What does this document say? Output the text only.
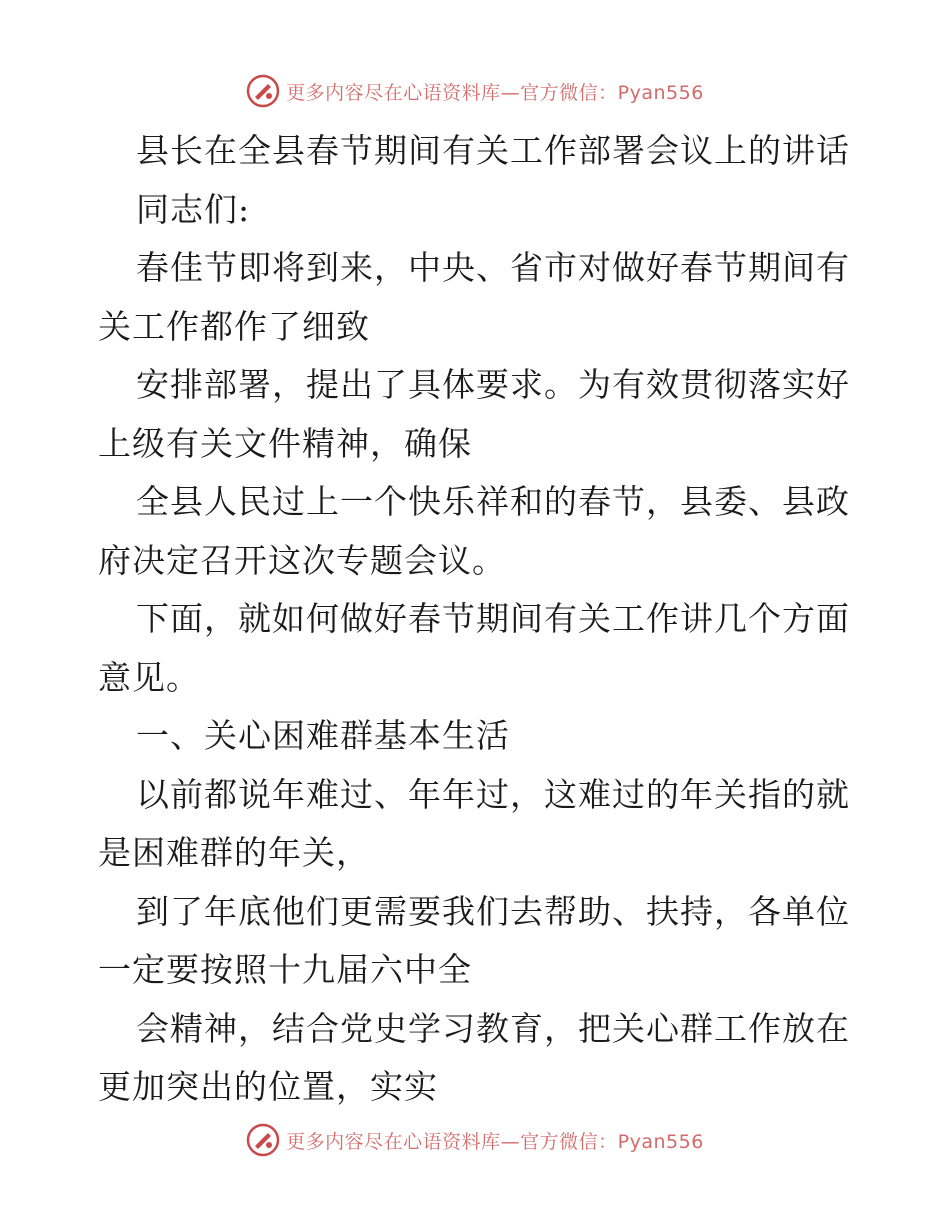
更多内容尽在心语资料库—官方微信：Pyan556
县长在全县春节期间有关工作部署会议上的讲话
同志们:
春佳节即将到来，中央、省市对做好春节期间有
关工作都作了细致
安排部署，提出了具体要求。为有效贯彻落实好
上级有关文件精神，确保
全县人民过上一个快乐祥和的春节，县委、县政
府决定召开这次专题会议。
下面，就如何做好春节期间有关工作讲几个方面
意见。
一、关心困难群基本生活
以前都说年难过、年年过，这难过的年关指的就
是困难群的年关，
到了年底他们更需要我们去帮助、扶持，各单位
一定要按照十九届六中全
会精神，结合党史学习教育，把关心群工作放在
更加突出的位置，实实
更多内容尽在心语资料库—官方微信：Pyan556
